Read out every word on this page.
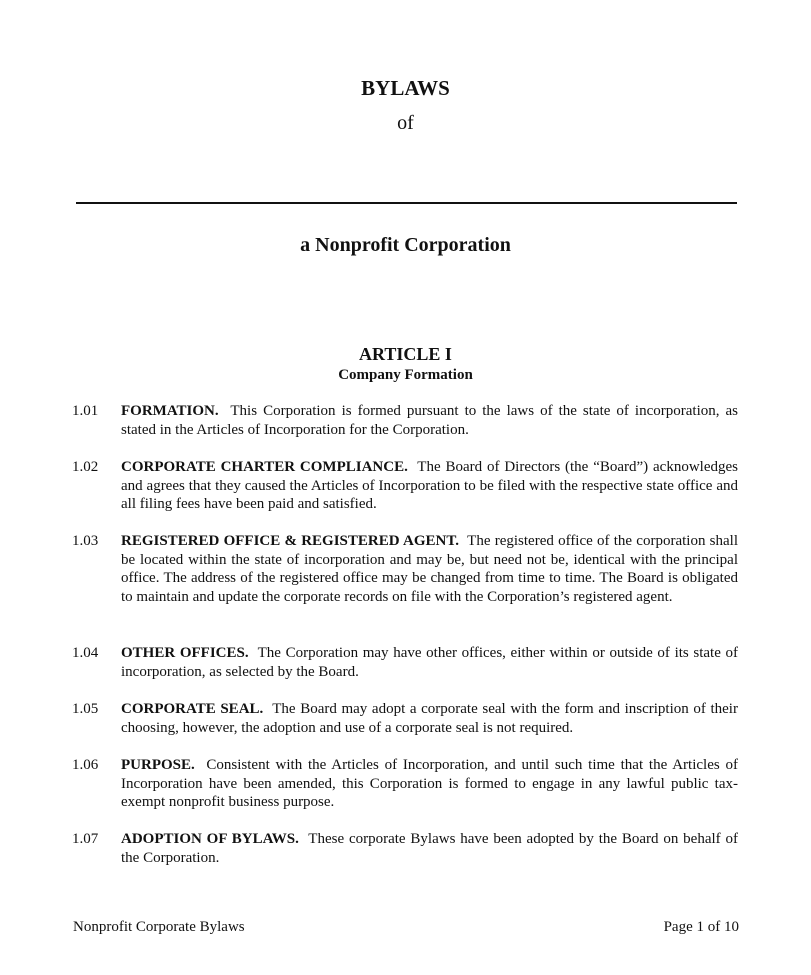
BYLAWS
of
a Nonprofit Corporation
ARTICLE I
Company Formation
1.01 FORMATION. This Corporation is formed pursuant to the laws of the state of incorporation, as stated in the Articles of Incorporation for the Corporation.
1.02 CORPORATE CHARTER COMPLIANCE. The Board of Directors (the “Board”) acknowledges and agrees that they caused the Articles of Incorporation to be filed with the respective state office and all filing fees have been paid and satisfied.
1.03 REGISTERED OFFICE & REGISTERED AGENT. The registered office of the corporation shall be located within the state of incorporation and may be, but need not be, identical with the principal office. The address of the registered office may be changed from time to time. The Board is obligated to maintain and update the corporate records on file with the Corporation’s registered agent.
1.04 OTHER OFFICES. The Corporation may have other offices, either within or outside of its state of incorporation, as selected by the Board.
1.05 CORPORATE SEAL. The Board may adopt a corporate seal with the form and inscription of their choosing, however, the adoption and use of a corporate seal is not required.
1.06 PURPOSE. Consistent with the Articles of Incorporation, and until such time that the Articles of Incorporation have been amended, this Corporation is formed to engage in any lawful public tax-exempt nonprofit business purpose.
1.07 ADOPTION OF BYLAWS. These corporate Bylaws have been adopted by the Board on behalf of the Corporation.
Nonprofit Corporate Bylaws	Page 1 of 10
